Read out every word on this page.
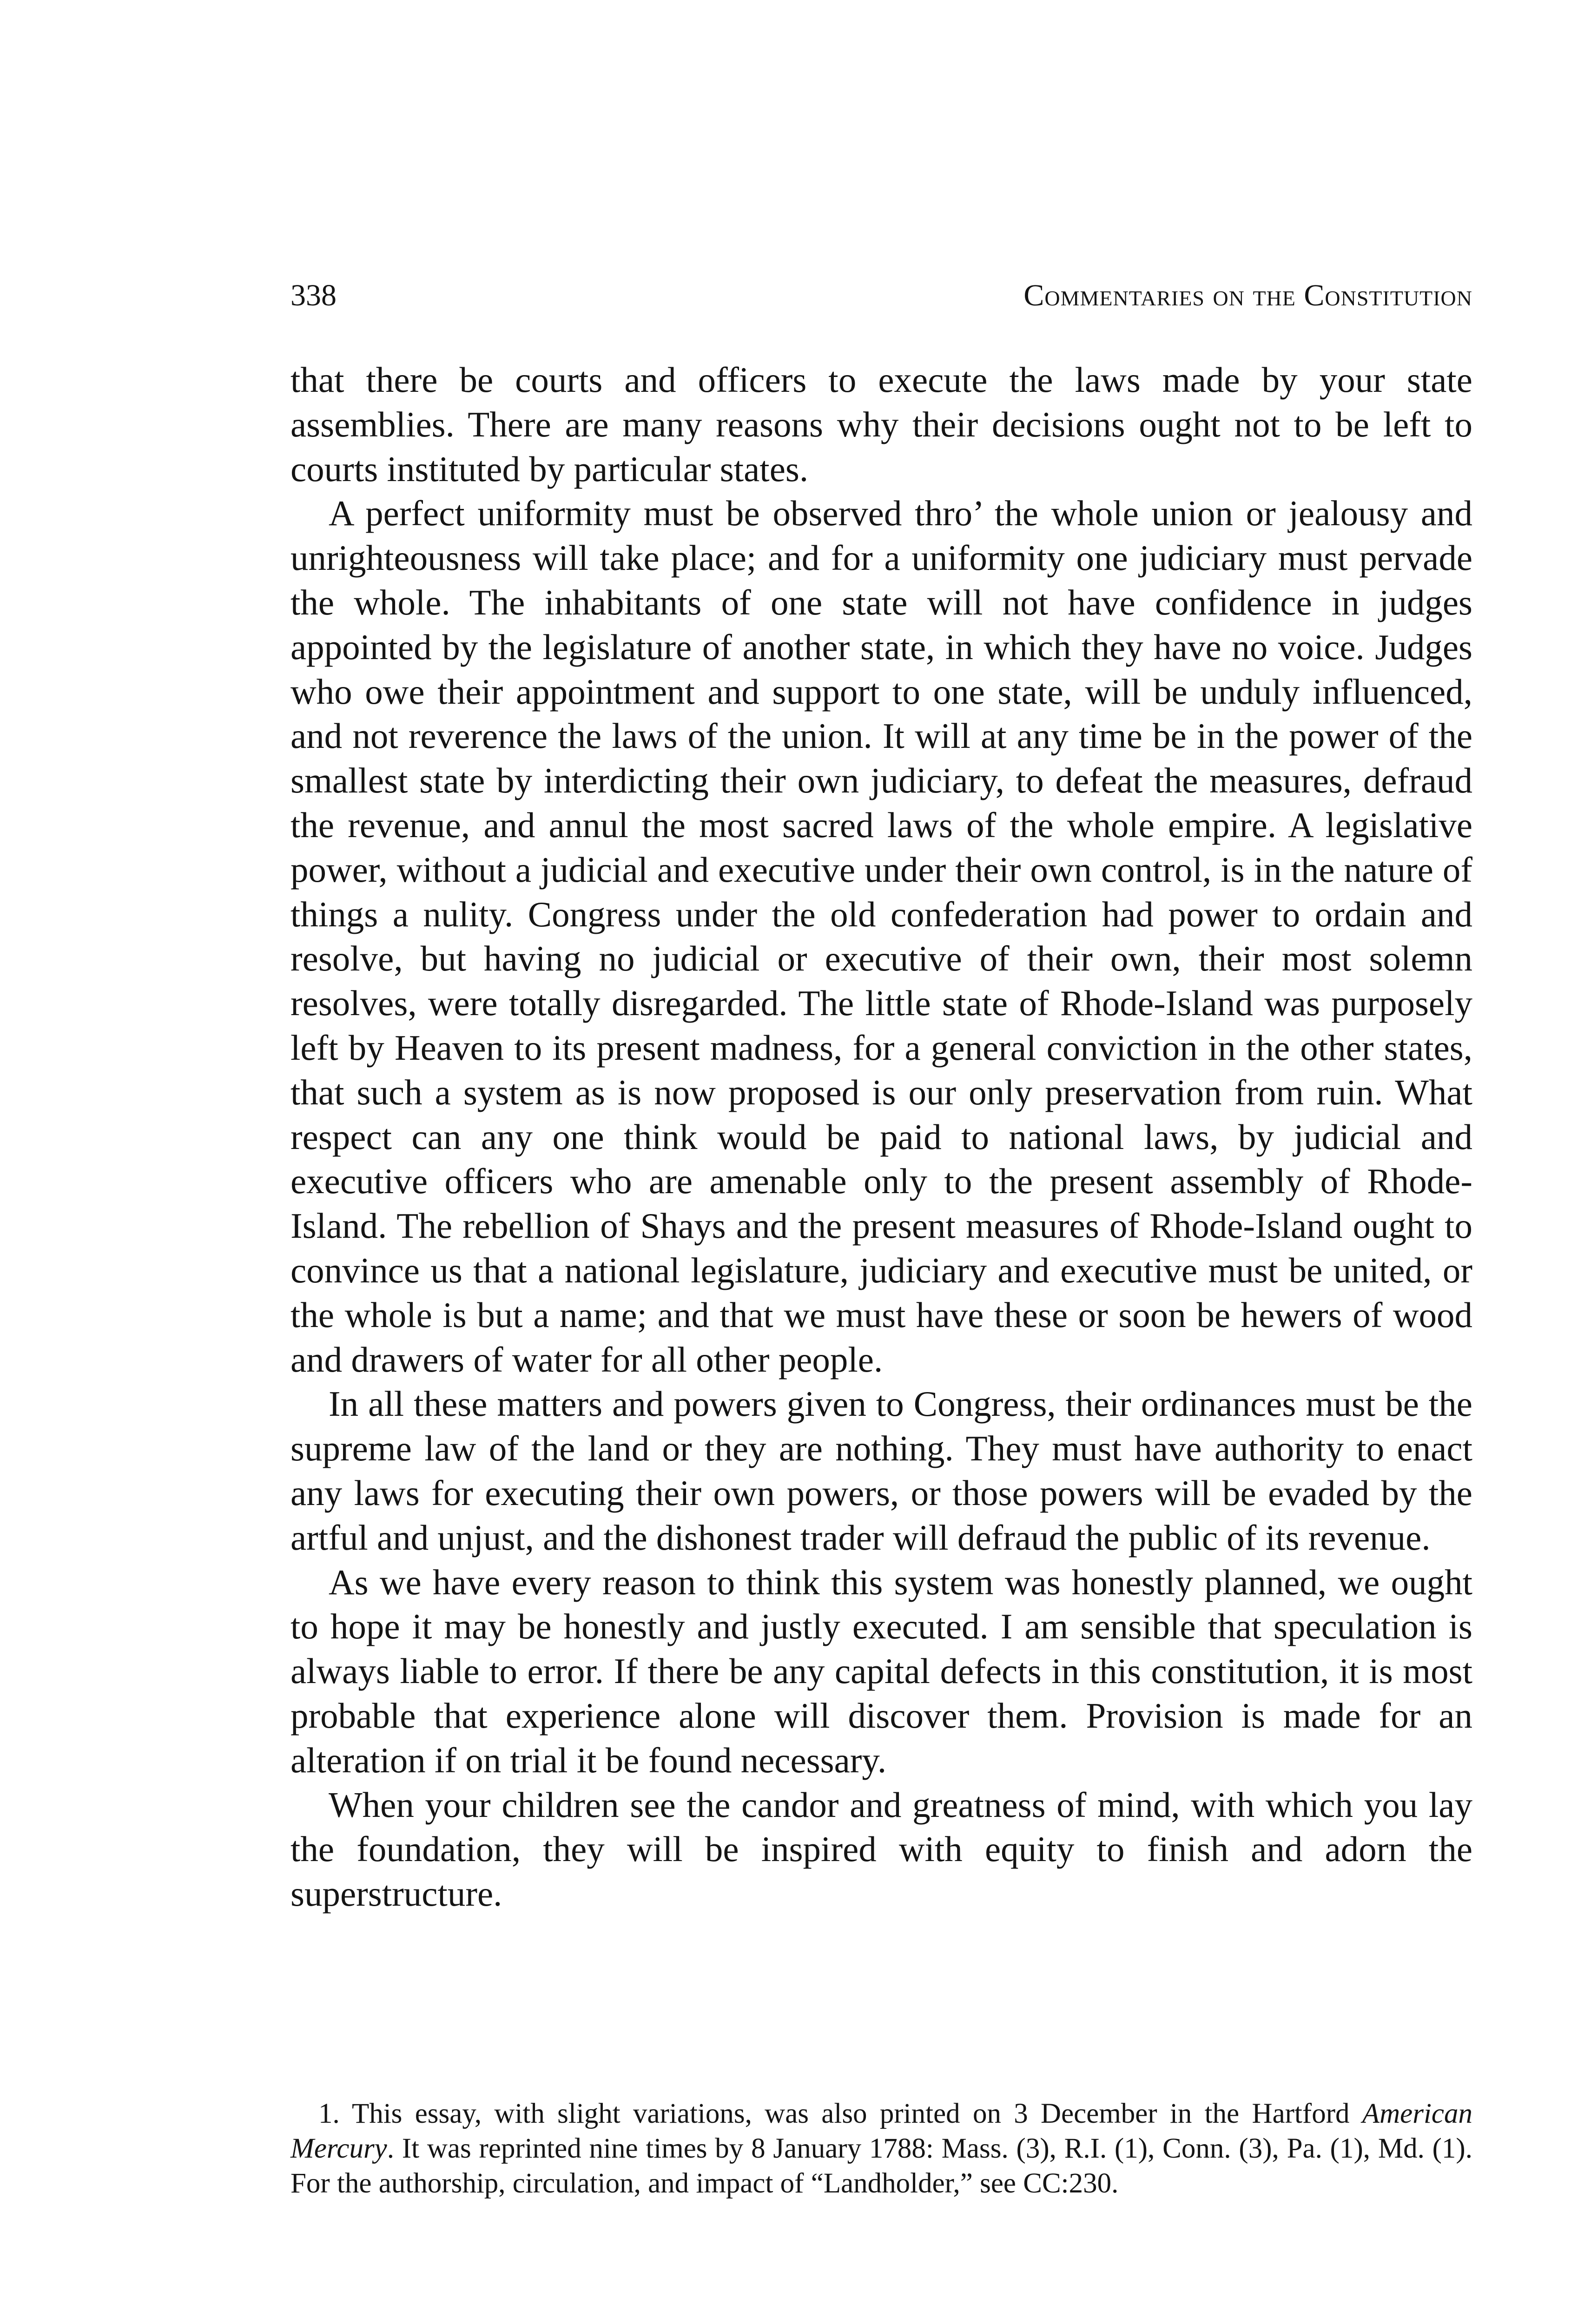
338	Commentaries on the Constitution

that there be courts and officers to execute the laws made by your state assemblies. There are many reasons why their decisions ought not to be left to courts instituted by particular states.

A perfect uniformity must be observed thro’ the whole union or jealousy and unrighteousness will take place; and for a uniformity one judiciary must pervade the whole. The inhabitants of one state will not have confidence in judges appointed by the legislature of another state, in which they have no voice. Judges who owe their appointment and support to one state, will be unduly influenced, and not reverence the laws of the union. It will at any time be in the power of the smallest state by interdicting their own judiciary, to defeat the measures, defraud the revenue, and annul the most sacred laws of the whole empire. A legislative power, without a judicial and executive under their own control, is in the nature of things a nulity. Congress under the old confederation had power to ordain and resolve, but having no judicial or executive of their own, their most solemn resolves, were totally disregarded. The little state of Rhode-Island was purposely left by Heaven to its present madness, for a general conviction in the other states, that such a system as is now proposed is our only preservation from ruin. What respect can any one think would be paid to national laws, by judicial and executive officers who are amenable only to the present assembly of Rhode-Island. The rebellion of Shays and the present measures of Rhode-Island ought to convince us that a national legislature, judiciary and executive must be united, or the whole is but a name; and that we must have these or soon be hewers of wood and drawers of water for all other people.

In all these matters and powers given to Congress, their ordinances must be the supreme law of the land or they are nothing. They must have authority to enact any laws for executing their own powers, or those powers will be evaded by the artful and unjust, and the dishonest trader will defraud the public of its revenue.

As we have every reason to think this system was honestly planned, we ought to hope it may be honestly and justly executed. I am sensible that speculation is always liable to error. If there be any capital defects in this constitution, it is most probable that experience alone will discover them. Provision is made for an alteration if on trial it be found necessary.

When your children see the candor and greatness of mind, with which you lay the foundation, they will be inspired with equity to finish and adorn the superstructure.

1. This essay, with slight variations, was also printed on 3 December in the Hartford American Mercury. It was reprinted nine times by 8 January 1788: Mass. (3), R.I. (1), Conn. (3), Pa. (1), Md. (1). For the authorship, circulation, and impact of “Landholder,” see CC:230.
